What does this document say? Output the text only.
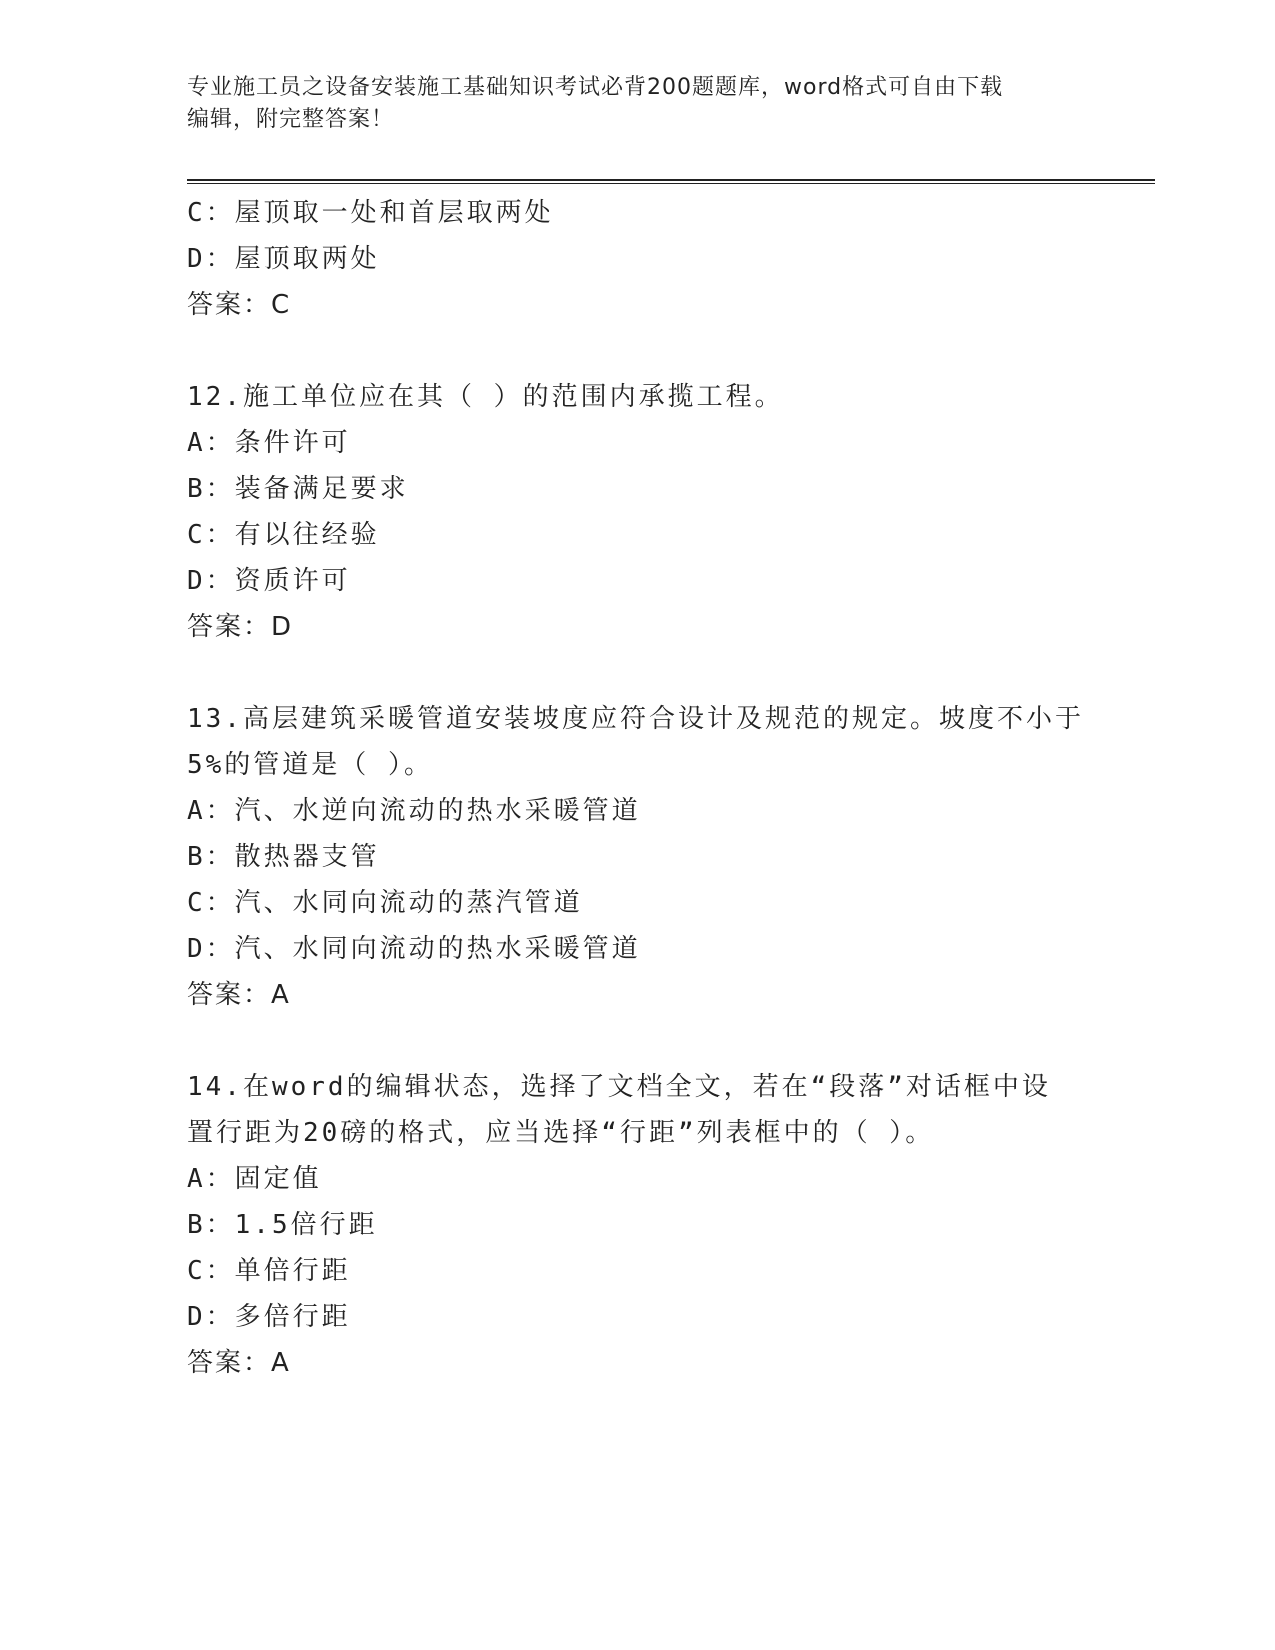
专业施工员之设备安装施工基础知识考试必背200题题库，word格式可自由下载
编辑，附完整答案！
C：屋顶取一处和首层取两处
D：屋顶取两处
答案：C
12.施工单位应在其（ ）的范围内承揽工程。
A：条件许可
B：装备满足要求
C：有以往经验
D：资质许可
答案：D
13.高层建筑采暖管道安装坡度应符合设计及规范的规定。坡度不小于
5%的管道是（ ）。
A：汽、水逆向流动的热水采暖管道
B：散热器支管
C：汽、水同向流动的蒸汽管道
D：汽、水同向流动的热水采暖管道
答案：A
14.在word的编辑状态，选择了文档全文，若在“段落”对话框中设
置行距为20磅的格式，应当选择“行距”列表框中的（ ）。
A：固定值
B：1.5倍行距
C：单倍行距
D：多倍行距
答案：A
